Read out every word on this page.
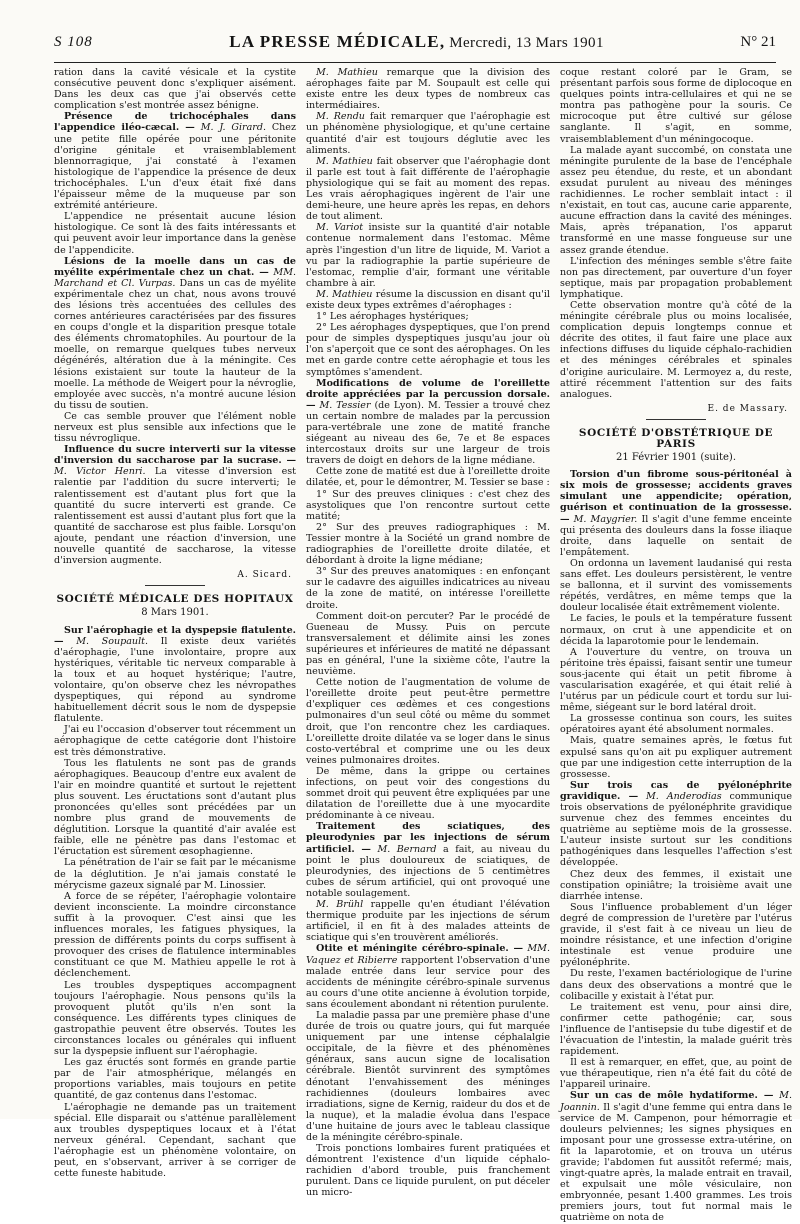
S 108	LA PRESSE MÉDICALE, Mercredi, 13 Mars 1901	N° 21

ration dans la cavité vésicale et la cystite consécutive peuvent donc s'expliquer aisément. Dans les deux cas que j'ai observés cette complication s'est montrée assez bénigne.

Présence de trichocéphales dans l'appendice iléo-cæcal. — M. J. Girard. Chez une petite fille opérée pour une péritonite d'origine génitale et vraisemblablement blennorragique, j'ai constaté à l'examen histologique de l'appendice la présence de deux trichocéphales. L'un d'eux était fixé dans l'épaisseur même de la muqueuse par son extrémité antérieure.

L'appendice ne présentait aucune lésion histologique. Ce sont là des faits intéressants et qui peuvent avoir leur importance dans la genèse de l'appendicite.

Lésions de la moelle dans un cas de myélite expérimentale chez un chat. — MM. Marchand et Cl. Vurpas. Dans un cas de myélite expérimentale chez un chat, nous avons trouvé des lésions très accentuées des cellules des cornes antérieures caractérisées par des fissures en coups d'ongle et la disparition presque totale des éléments chromatophiles. Au pourtour de la moelle, on remarque quelques tubes nerveux dégénérés, altération due à la méningite. Ces lésions existaient sur toute la hauteur de la moelle. La méthode de Weigert pour la névroglie, employée avec succès, n'a montré aucune lésion du tissu de soutien.

Ce cas semble prouver que l'élément noble nerveux est plus sensible aux infections que le tissu névroglique.

Influence du sucre interverti sur la vitesse d'inversion du saccharose par la sucrase. — M. Victor Henri. La vitesse d'inversion est ralentie par l'addition du sucre interverti; le ralentissement est d'autant plus fort que la quantité du sucre interverti est grande. Ce ralentissement est aussi d'autant plus fort que la quantité de saccharose est plus faible. Lorsqu'on ajoute, pendant une réaction d'inversion, une nouvelle quantité de saccharose, la vitesse d'inversion augmente.

A. Sicard.
SOCIÉTÉ MÉDICALE DES HOPITAUX
8 Mars 1901.

Sur l'aérophagie et la dyspepsie flatulente. — M. Soupault. Il existe deux variétés d'aérophagie, l'une involontaire, propre aux hystériques, véritable tic nerveux comparable à la toux et au hoquet hystérique; l'autre, volontaire, qu'on observe chez les névropathes dyspeptiques, qui répond au syndrome habituellement décrit sous le nom de dyspepsie flatulente.

J'ai eu l'occasion d'observer tout récemment un aérophagique de cette catégorie dont l'histoire est très démonstrative.

Tous les flatulents ne sont pas de grands aérophagiques. Beaucoup d'entre eux avalent de l'air en moindre quantité et surtout le rejettent plus souvent. Les éructations sont d'autant plus prononcées qu'elles sont précédées par un nombre plus grand de mouvements de déglutition. Lorsque la quantité d'air avalée est faible, elle ne pénètre pas dans l'estomac et l'éructation est sûrement œsophagienne.

La pénétration de l'air se fait par le mécanisme de la déglutition. Je n'ai jamais constaté le mérycisme gazeux signalé par M. Linossier.

A force de se répéter, l'aérophagie volontaire devient inconsciente. La moindre circonstance suffit à la provoquer. C'est ainsi que les influences morales, les fatigues physiques, la pression de différents points du corps suffisent à provoquer des crises de flatulence interminables constituant ce que M. Mathieu appelle le rot à déclenchement.

Les troubles dyspeptiques accompagnent toujours l'aérophagie. Nous pensons qu'ils la provoquent plutôt qu'ils n'en sont la conséquence. Les différents types cliniques de gastropathie peuvent être observés. Toutes les circonstances locales ou générales qui influent sur la dyspepsie influent sur l'aérophagie.

Les gaz éructés sont formés en grande partie par de l'air atmosphérique, mélangés en proportions variables, mais toujours en petite quantité, de gaz contenus dans l'estomac.

L'aérophagie ne demande pas un traitement spécial. Elle disparait ou s'atténue parallèlement aux troubles dyspeptiques locaux et à l'état nerveux général. Cependant, sachant que l'aérophagie est un phénomène volontaire, on peut, en s'observant, arriver à se corriger de cette funeste habitude.

M. Mathieu remarque que la division des aérophages faite par M. Soupault est celle qui existe entre les deux types de nombreux cas intermédiaires.

M. Rendu fait remarquer que l'aérophagie est un phénomène physiologique, et qu'une certaine quantité d'air est toujours déglutie avec les aliments.

M. Mathieu fait observer que l'aérophagie dont il parle est tout à fait différente de l'aérophagie physiologique qui se fait au moment des repas. Les vrais aérophagiques ingèrent de l'air une demi-heure, une heure après les repas, en dehors de tout aliment.

M. Variot insiste sur la quantité d'air notable contenue normalement dans l'estomac. Même après l'ingestion d'un litre de liquide, M. Variot a vu par la radiographie la partie supérieure de l'estomac, remplie d'air, formant une véritable chambre à air.

M. Mathieu résume la discussion en disant qu'il existe deux types extrêmes d'aérophages :

1° Les aérophages hystériques;

2° Les aérophages dyspeptiques, que l'on prend pour de simples dyspeptiques jusqu'au jour où l'on s'aperçoit que ce sont des aérophages. On les met en garde contre cette aérophagie et tous les symptômes s'amendent.

Modifications de volume de l'oreillette droite appréciées par la percussion dorsale. — M. Tessier (de Lyon). M. Tessier a trouvé chez un certain nombre de malades par la percussion para-vertébrale une zone de matité franche siégeant au niveau des 6e, 7e et 8e espaces intercostaux droits sur une largeur de trois travers de doigt en dehors de la ligne médiane.

Cette zone de matité est due à l'oreillette droite dilatée, et, pour le démontrer, M. Tessier se base :

1° Sur des preuves cliniques : c'est chez des asystoliques que l'on rencontre surtout cette matité;

2° Sur des preuves radiographiques : M. Tessier montre à la Société un grand nombre de radiographies de l'oreillette droite dilatée, et débordant à droite la ligne médiane;

3° Sur des preuves anatomiques : en enfonçant sur le cadavre des aiguilles indicatrices au niveau de la zone de matité, on intéresse l'oreillette droite.

Comment doit-on percuter? Par le procédé de Gueneau de Mussy. Puis on percute transversalement et délimite ainsi les zones supérieures et inférieures de matité ne dépassant pas en général, l'une la sixième côte, l'autre la neuvième.

Cette notion de l'augmentation de volume de l'oreillette droite peut peut-être permettre d'expliquer ces œdèmes et ces congestions pulmonaires d'un seul côté ou même du sommet droit, que l'on rencontre chez les cardiaques. L'oreillette droite dilatée va se loger dans le sinus costo-vertébral et comprime une ou les deux veines pulmonaires droites.

De même, dans la grippe ou certaines infections, on peut voir des congestions du sommet droit qui peuvent être expliquées par une dilatation de l'oreillette due à une myocardite prédominante à ce niveau.

Traitement des sciatiques, des pleurodynies par les injections de sérum artificiel. — M. Bernard a fait, au niveau du point le plus douloureux de sciatiques, de pleurodynies, des injections de 5 centimètres cubes de sérum artificiel, qui ont provoqué une notable soulagement.

M. Brühl rappelle qu'en étudiant l'élévation thermique produite par les injections de sérum artificiel, il en fit à des malades atteints de sciatique qui s'en trouvèrent améliorés.

Otite et méningite cérébro-spinale. — MM. Vaquez et Ribierre rapportent l'observation d'une malade entrée dans leur service pour des accidents de méningite cérébro-spinale survenus au cours d'une otite ancienne à évolution torpide, sans écoulement abondant ni rétention purulente.

La maladie passa par une première phase d'une durée de trois ou quatre jours, qui fut marquée uniquement par une intense céphalalgie occipitale, de la fièvre et des phénomènes généraux, sans aucun signe de localisation cérébrale. Bientôt survinrent des symptômes dénotant l'envahissement des méninges rachidiennes (douleurs lombaires avec irradiations, signe de Kernig, raideur du dos et de la nuque), et la maladie évolua dans l'espace d'une huitaine de jours avec le tableau classique de la méningite cérébro-spinale.

Trois ponctions lombaires furent pratiquées et démontrent l'existence d'un liquide céphalo-rachidien d'abord trouble, puis franchement purulent. Dans ce liquide purulent, on put déceler un micro-

coque restant coloré par le Gram, se présentant parfois sous forme de diplocoque en quelques points intra-cellulaires et qui ne se montra pas pathogène pour la souris. Ce microcoque put être cultivé sur gélose sanglante. Il s'agit, en somme, vraisemblablement d'un méningocoque.

La malade ayant succombé, on constata une méningite purulente de la base de l'encéphale assez peu étendue, du reste, et un abondant exsudat purulent au niveau des méninges rachidiennes. Le rocher semblait intact : il n'existait, en tout cas, aucune carie apparente, aucune effraction dans la cavité des méninges. Mais, après trépanation, l'os apparut transformé en une masse fongueuse sur une assez grande étendue.

L'infection des méninges semble s'être faite non pas directement, par ouverture d'un foyer septique, mais par propagation probablement lymphatique.

Cette observation montre qu'à côté de la méningite cérébrale plus ou moins localisée, complication depuis longtemps connue et décrite des otites, il faut faire une place aux infections diffuses du liquide céphalo-rachidien et des méninges cérébrales et spinales d'origine auriculaire. M. Lermoyez a, du reste, attiré récemment l'attention sur des faits analogues.

E. de Massary.
SOCIÉTÉ D'OBSTÉTRIQUE DE PARIS
21 Février 1901 (suite).

Torsion d'un fibrome sous-péritonéal à six mois de grossesse; accidents graves simulant une appendicite; opération, guérison et continuation de la grossesse. — M. Maygrier. Il s'agit d'une femme enceinte qui présenta des douleurs dans la fosse iliaque droite, dans laquelle on sentait de l'empâtement.

On ordonna un lavement laudanisé qui resta sans effet. Les douleurs persistèrent, le ventre se ballonna, et il survint des vomissements répétés, verdâtres, en même temps que la douleur localisée était extrêmement violente.

Le facies, le pouls et la température fussent normaux, on crut à une appendicite et on décida la laparotomie pour le lendemain.

A l'ouverture du ventre, on trouva un péritoine très épaissi, faisant sentir une tumeur sous-jacente qui était un petit fibrome à vascularisation exagérée, et qui était relié à l'utérus par un pédicule court et tordu sur lui-même, siégeant sur le bord latéral droit.

La grossesse continua son cours, les suites opératoires ayant été absolument normales.

Mais, quatre semaines après, le fœtus fut expulsé sans qu'on ait pu expliquer autrement que par une indigestion cette interruption de la grossesse.

Sur trois cas de pyélonéphrite gravidique. — M. Anderodias communique trois observations de pyélonéphrite gravidique survenue chez des femmes enceintes du quatrième au septième mois de la grossesse. L'auteur insiste surtout sur les conditions pathogéniques dans lesquelles l'affection s'est développée.

Chez deux des femmes, il existait une constipation opiniâtre; la troisième avait une diarrhée intense.

Sous l'influence probablement d'un léger degré de compression de l'uretère par l'utérus gravide, il s'est fait à ce niveau un lieu de moindre résistance, et une infection d'origine intestinale est venue produire une pyélonéphrite.

Du reste, l'examen bactériologique de l'urine dans deux des observations a montré que le colibacille y existait à l'état pur.

Le traitement est venu, pour ainsi dire, confirmer cette pathogénie; car, sous l'influence de l'antisepsie du tube digestif et de l'évacuation de l'intestin, la malade guérit très rapidement.

Il est à remarquer, en effet, que, au point de vue thérapeutique, rien n'a été fait du côté de l'appareil urinaire.

Sur un cas de môle hydatiforme. — M. Joannin. Il s'agit d'une femme qui entra dans le service de M. Campenon, pour hémorragie et douleurs pelviennes; les signes physiques en imposant pour une grossesse extra-utérine, on fit la laparotomie, et on trouva un utérus gravide; l'abdomen fut aussitôt refermé; mais, vingt-quatre après, la malade entrait en travail, et expulsait une môle vésiculaire, non embryonnée, pesant 1.400 grammes. Les trois premiers jours, tout fut normal mais le quatrième on nota de
